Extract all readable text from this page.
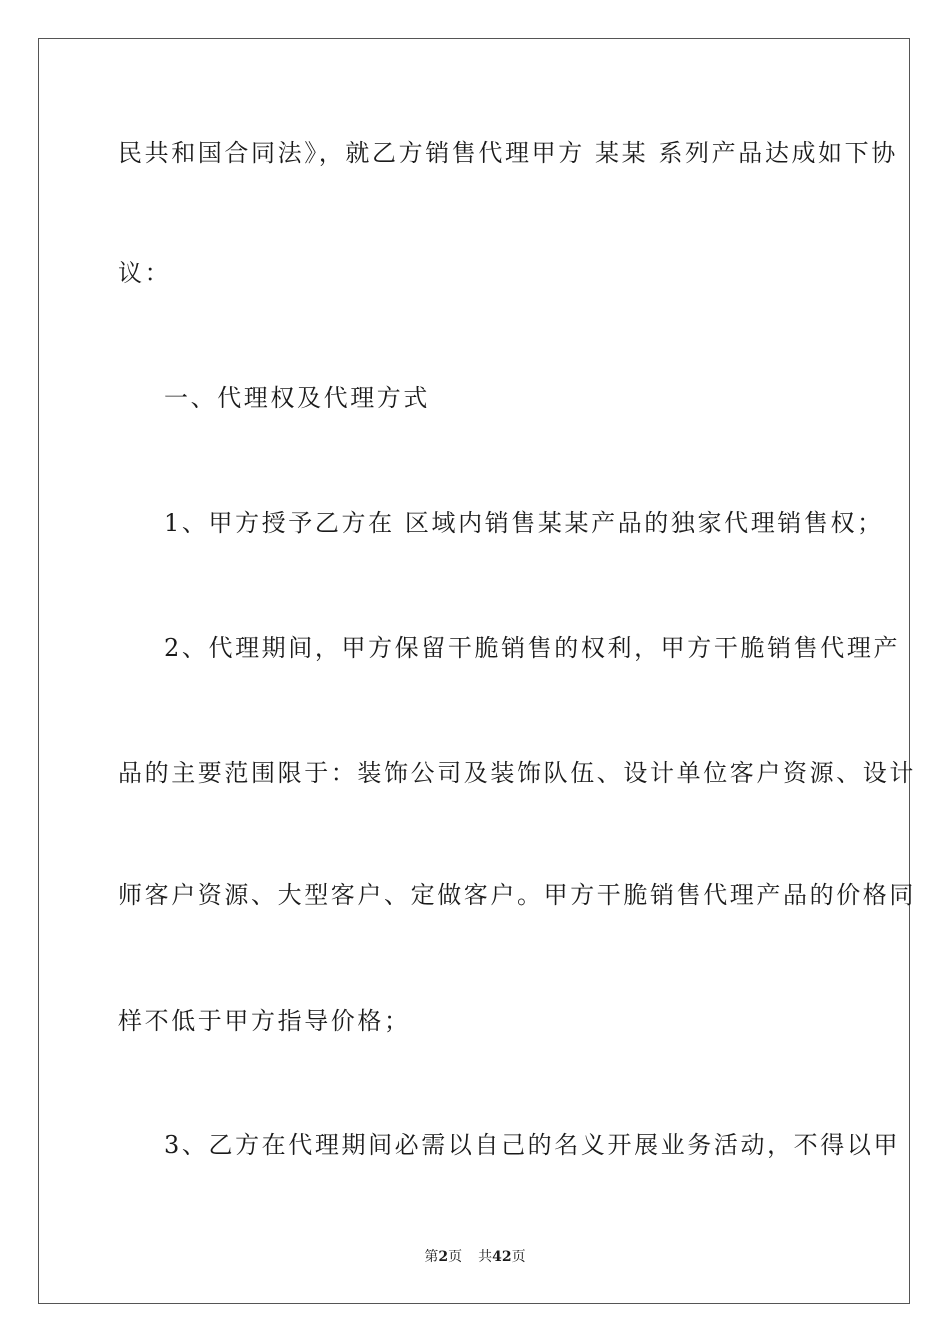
民共和国合同法》，就乙方销售代理甲方 某某 系列产品达成如下协
议：
一、代理权及代理方式
1、甲方授予乙方在 区域内销售某某产品的独家代理销售权；
2、代理期间，甲方保留干脆销售的权利，甲方干脆销售代理产
品的主要范围限于：装饰公司及装饰队伍、设计单位客户资源、设计
师客户资源、大型客户、定做客户。甲方干脆销售代理产品的价格同
样不低于甲方指导价格；
3、乙方在代理期间必需以自己的名义开展业务活动，不得以甲
第2页 共42页
